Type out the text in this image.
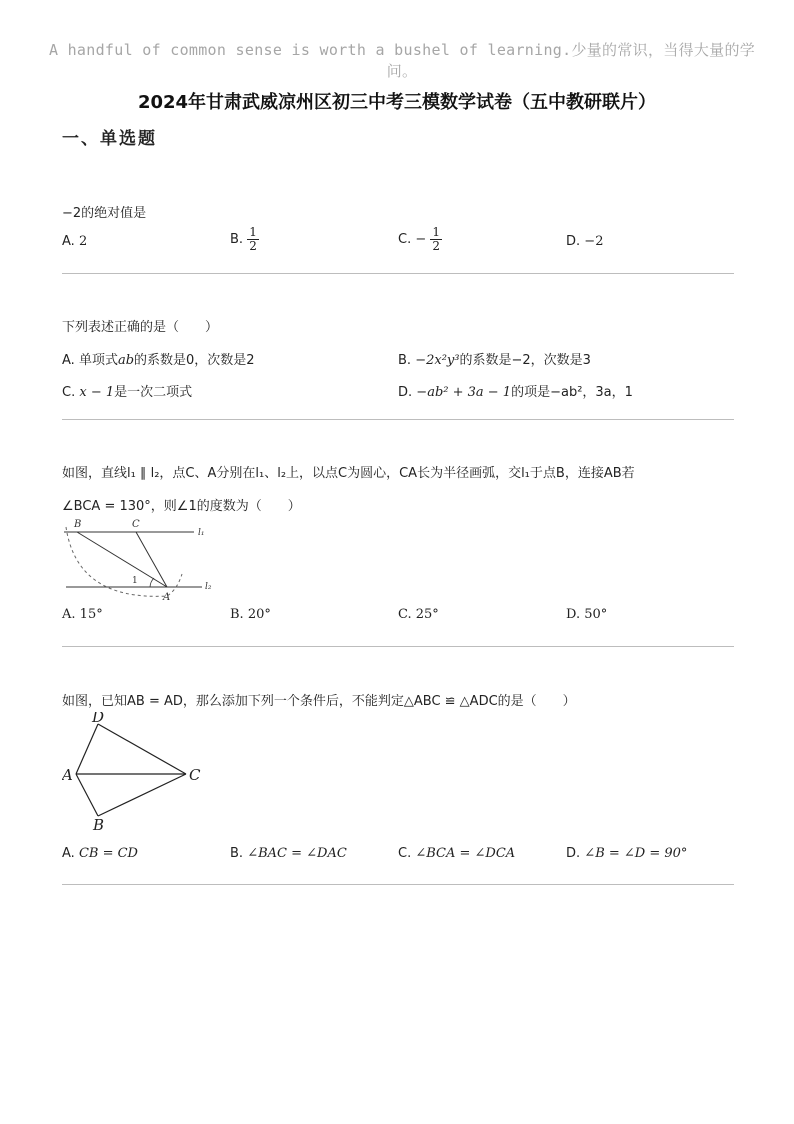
A handful of common sense is worth a bushel of learning.少量的常识，当得大量的学问。
2024年甘肃武威凉州区初三中考三模数学试卷（五中教研联片）
一、单选题
−2的绝对值是
A. 2	B. $\frac{1}{2}$	C. − $\frac{1}{2}$	D. −2
下列表述正确的是（　　）
A. 单项式ab的系数是0，次数是2	B. −2x²y³的系数是−2，次数是3
C. x − 1是一次二项式	D. −ab² + 3a − 1的项是−ab²，3a，1
如图，直线l₁ ∥ l₂，点C、A分别在l₁、l₂上，以点C为圆心，CA长为半径画弧，交l₁于点B，连接AB若
∠BCA = 130°，则∠1的度数为（　　）
B	C
l₁
l₂
1
A
A. 15°	B. 20°	C. 25°	D. 50°
如图，已知AB = AD，那么添加下列一个条件后，不能判定△ABC ≌ △ADC的是（　　）
D
A	C
B
A. CB = CD	B. ∠BAC = ∠DAC	C. ∠BCA = ∠DCA	D. ∠B = ∠D = 90°
